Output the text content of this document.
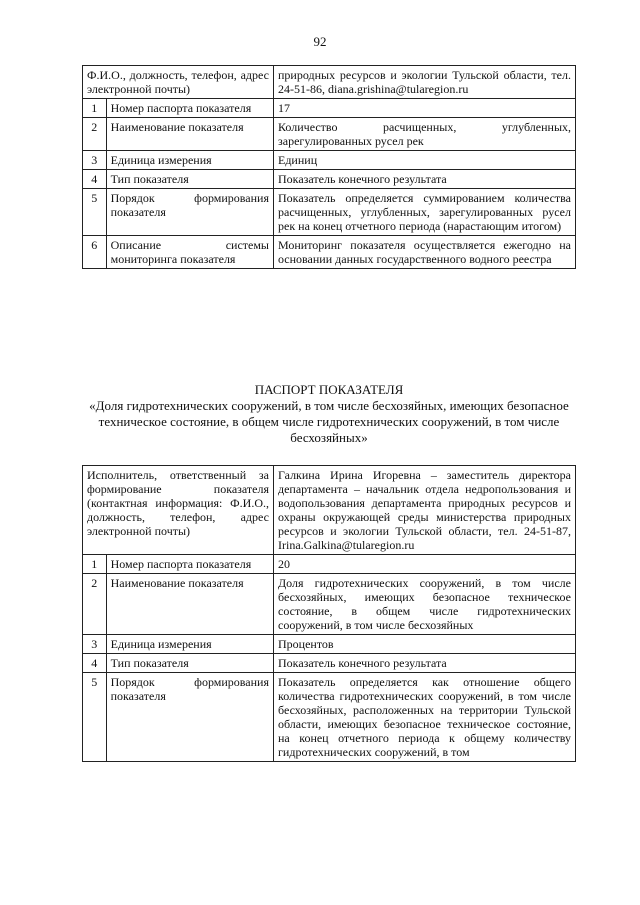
92
Ф.И.О., должность, телефон, адрес электронной почты)		природных ресурсов и экологии Тульской области, тел. 24-51-86, diana.grishina@tularegion.ru
1	Номер паспорта показателя	17
2	Наименование показателя	Количество расчищенных, углубленных, зарегулированных русел рек
3	Единица измерения	Единиц
4	Тип показателя	Показатель конечного результата
5	Порядок формирования показателя	Показатель определяется суммированием количества расчищенных, углубленных, зарегулированных русел рек на конец отчетного периода (нарастающим итогом)
6	Описание системы мониторинга показателя	Мониторинг показателя осуществляется ежегодно на основании данных государственного водного реестра
ПАСПОРТ ПОКАЗАТЕЛЯ
«Доля гидротехнических сооружений, в том числе бесхозяйных, имеющих безопасное техническое состояние, в общем числе гидротехнических сооружений, в том числе бесхозяйных»
Исполнитель, ответственный за формирование показателя (контактная информация: Ф.И.О., должность, телефон, адрес электронной почты)		Галкина Ирина Игоревна – заместитель директора департамента – начальник отдела недропользования и водопользования департамента природных ресурсов и охраны окружающей среды министерства природных ресурсов и экологии Тульской области, тел. 24-51-87, Irina.Galkina@tularegion.ru
1	Номер паспорта показателя	20
2	Наименование показателя	Доля гидротехнических сооружений, в том числе бесхозяйных, имеющих безопасное техническое состояние, в общем числе гидротехнических сооружений, в том числе бесхозяйных
3	Единица измерения	Процентов
4	Тип показателя	Показатель конечного результата
5	Порядок формирования показателя	Показатель определяется как отношение общего количества гидротехнических сооружений, в том числе бесхозяйных, расположенных на территории Тульской области, имеющих безопасное техническое состояние, на конец отчетного периода к общему количеству гидротехнических сооружений, в том
